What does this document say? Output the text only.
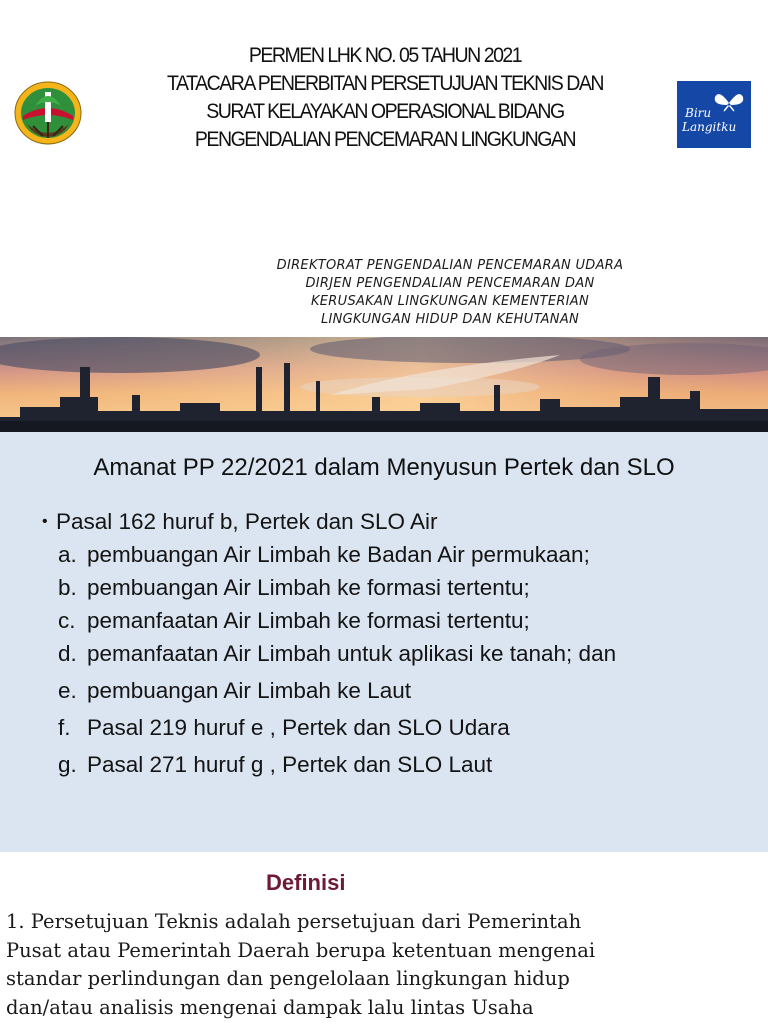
PERMEN LHK NO. 05 TAHUN 2021
TATACARA PENERBITAN PERSETUJUAN TEKNIS DAN
SURAT KELAYAKAN OPERASIONAL BIDANG
PENGENDALIAN PENCEMARAN LINGKUNGAN
Biru
Langitku
DIREKTORAT PENGENDALIAN PENCEMARAN UDARA
DIRJEN PENGENDALIAN PENCEMARAN DAN
KERUSAKAN LINGKUNGAN KEMENTERIAN
LINGKUNGAN HIDUP DAN KEHUTANAN
Amanat PP 22/2021 dalam Menyusun Pertek dan SLO
• Pasal 162 huruf b, Pertek dan SLO Air
a. pembuangan Air Limbah ke Badan Air permukaan;
b. pembuangan Air Limbah ke formasi tertentu;
c. pemanfaatan Air Limbah ke formasi tertentu;
d. pemanfaatan Air Limbah untuk aplikasi ke tanah; dan
e. pembuangan Air Limbah ke Laut
f. Pasal 219 huruf e , Pertek dan SLO Udara
g. Pasal 271 huruf g , Pertek dan SLO Laut
Definisi
1. Persetujuan Teknis adalah persetujuan dari Pemerintah
Pusat atau Pemerintah Daerah berupa ketentuan mengenai
standar perlindungan dan pengelolaan lingkungan hidup
dan/atau analisis mengenai dampak lalu lintas Usaha
